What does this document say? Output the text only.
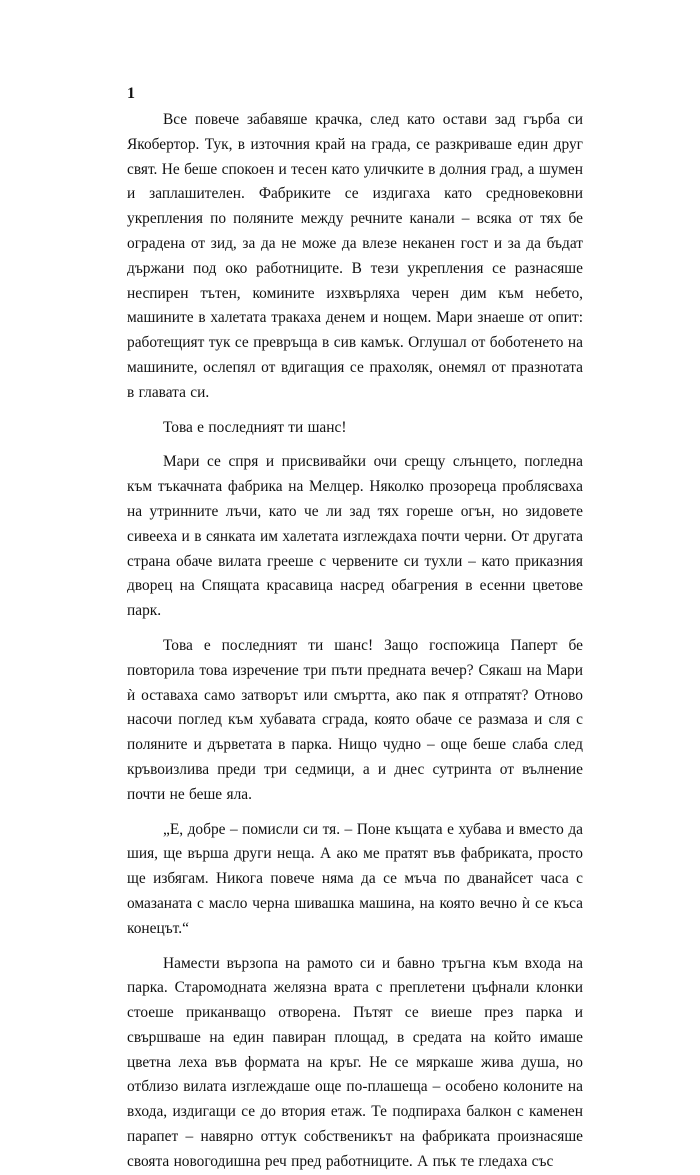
1

Все повече забавяше крачка, след като остави зад гърба си Якобертор. Тук, в източния край на града, се разкриваше един друг свят. Не беше спокоен и тесен като уличките в долния град, а шумен и заплашителен. Фабриките се издигаха като средновековни укрепления по поляните между речните канали – всяка от тях бе оградена от зид, за да не може да влезе неканен гост и за да бъдат държани под око работниците. В тези укрепления се разнасяше неспирен тътен, комините изхвърляха черен дим към небето, машините в халетата тракаха денем и нощем. Мари знаеше от опит: работещият тук се превръща в сив камък. Оглушал от боботенето на машините, ослепял от вдигащия се прахоляк, онемял от празнотата в главата си.

Това е последният ти шанс!

Мари се спря и присвивайки очи срещу слънцето, погледна към тъкачната фабрика на Мелцер. Няколко прозореца проблясваха на утринните лъчи, като че ли зад тях гореше огън, но зидовете сивееха и в сянката им халетата изглеждаха почти черни. От другата страна обаче вилата грееше с червените си тухли – като приказния дворец на Спящата красавица насред обагрения в есенни цветове парк.

Това е последният ти шанс! Защо госпожица Паперт бе повторила това изречение три пъти предната вечер? Сякаш на Мари ѝ оставаха само затворът или смъртта, ако пак я отпратят? Отново насочи поглед към хубавата сграда, която обаче се размаза и сля с поляните и дърветата в парка. Нищо чудно – още беше слаба след кръвоизлива преди три седмици, а и днес сутринта от вълнение почти не беше яла.

„Е, добре – помисли си тя. – Поне къщата е хубава и вместо да шия, ще върша други неща. А ако ме пратят във фабриката, просто ще избягам. Никога повече няма да се мъча по дванайсет часа с омазаната с масло черна шивашка машина, на която вечно ѝ се къса конецът.“

Намести вързопа на рамото си и бавно тръгна към входа на парка. Старомодната желязна врата с преплетени цъфнали клонки стоеше приканващо отворена. Пътят се виеше през парка и свършваше на един павиран площад, в средата на който имаше цветна леха във формата на кръг. Не се мяркаше жива душа, но отблизо вилата изглеждаше още по-плашеща – особено колоните на входа, издигащи се до втория етаж. Те подпираха балкон с каменен парапет – навярно оттук собственикът на фабриката произнасяше своята новогодишна реч пред работниците. А пък те гледаха със
